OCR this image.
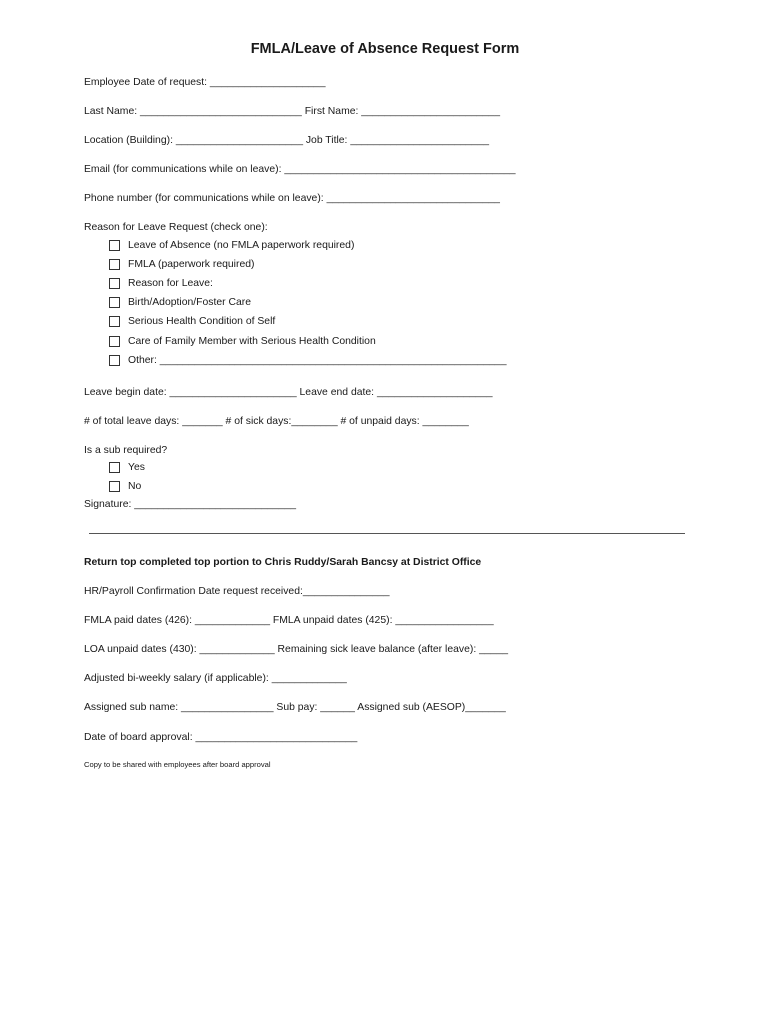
FMLA/Leave of Absence Request Form
Employee Date of request: ____________________
Last Name: ____________________________ First Name: ________________________
Location (Building): ______________________ Job Title: ________________________
Email (for communications while on leave): ________________________________________
Phone number (for communications while on leave): ______________________________
Reason for Leave Request (check one):
Leave of Absence (no FMLA paperwork required)
FMLA (paperwork required)
Reason for Leave:
Birth/Adoption/Foster Care
Serious Health Condition of Self
Care of Family Member with Serious Health Condition
Other: ____________________________________________________________
Leave begin date: ______________________ Leave end date: ____________________
# of total leave days: _______ # of sick days:________ # of unpaid days: ________
Is a sub required?
Yes
No
Signature: ____________________________
Return top completed top portion to Chris Ruddy/Sarah Bancsy at District Office
HR/Payroll Confirmation Date request received:_______________
FMLA paid dates (426): _____________ FMLA unpaid dates (425): _________________
LOA unpaid dates (430): _____________ Remaining sick leave balance (after leave): _____
Adjusted bi-weekly salary (if applicable): _____________
Assigned sub name: ________________ Sub pay: ______ Assigned sub (AESOP)_______
Date of board approval: ____________________________
Copy to be shared with employees after board approval
